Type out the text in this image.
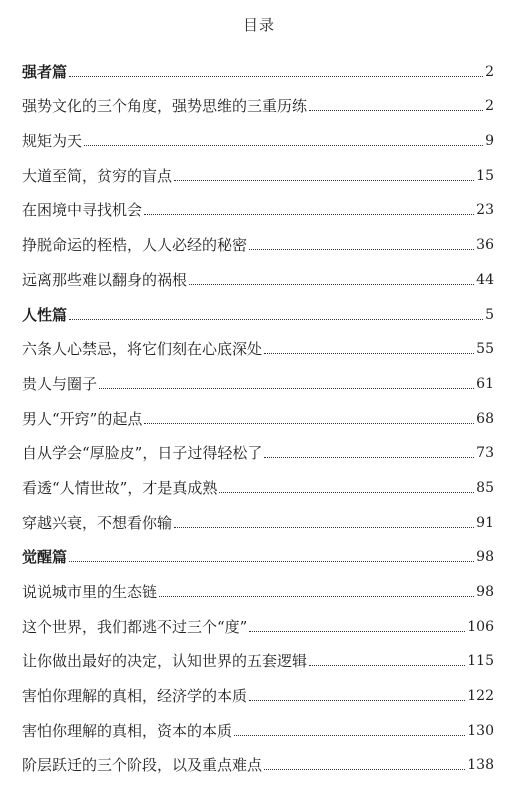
目录
强者篇	2
强势文化的三个角度，强势思维的三重历练	2
规矩为天	9
大道至简，贫穷的盲点	15
在困境中寻找机会	23
挣脱命运的桎梏，人人必经的秘密	36
远离那些难以翻身的祸根	44
人性篇	5
六条人心禁忌，将它们刻在心底深处	55
贵人与圈子	61
男人“开窍”的起点	68
自从学会“厚脸皮”，日子过得轻松了	73
看透“人情世故”，才是真成熟	85
穿越兴衰，不想看你输	91
觉醒篇	98
说说城市里的生态链	98
这个世界，我们都逃不过三个“度”	106
让你做出最好的决定，认知世界的五套逻辑	115
害怕你理解的真相，经济学的本质	122
害怕你理解的真相，资本的本质	130
阶层跃迁的三个阶段，以及重点难点	138
